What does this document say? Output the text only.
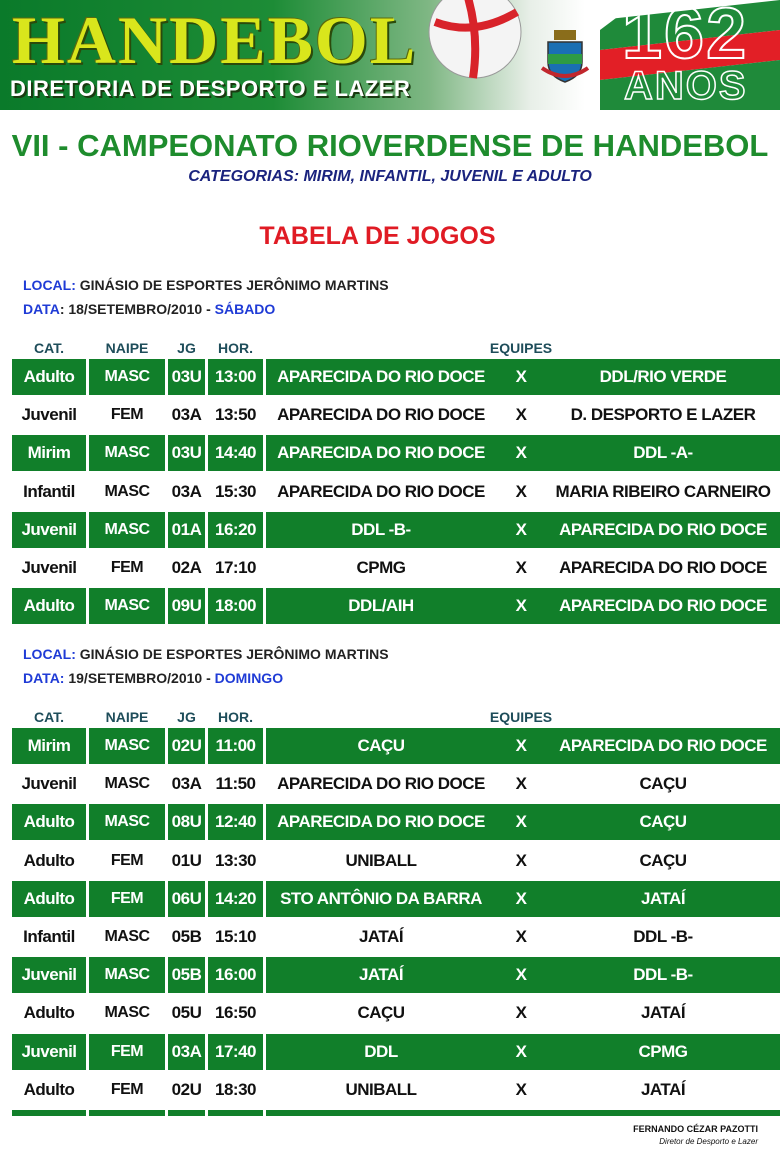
HANDEBOL
DIRETORIA DE DESPORTO E LAZER
162
ANOS
VII - CAMPEONATO RIOVERDENSE DE HANDEBOL
CATEGORIAS: MIRIM, INFANTIL, JUVENIL E ADULTO
TABELA DE JOGOS
LOCAL: GINÁSIO DE ESPORTES JERÔNIMO MARTINS
DATA: 18/SETEMBRO/2010 - SÁBADO
CAT.	NAIPE	JG	HOR.	EQUIPES
Adulto	MASC	03U 13:00	APARECIDA DO RIO DOCE	X	DDL/RIO VERDE
Juvenil	FEM	03A 13:50	APARECIDA DO RIO DOCE	X	D. DESPORTO E LAZER
Mirim	MASC	03U 14:40	APARECIDA DO RIO DOCE	X	DDL -A-
Infantil	MASC	03A 15:30	APARECIDA DO RIO DOCE	X	MARIA RIBEIRO CARNEIRO
Juvenil	MASC	01A 16:20	DDL -B-	X	APARECIDA DO RIO DOCE
Juvenil	FEM	02A 17:10	CPMG	X	APARECIDA DO RIO DOCE
Adulto	MASC	09U 18:00	DDL/AIH	X	APARECIDA DO RIO DOCE
LOCAL: GINÁSIO DE ESPORTES JERÔNIMO MARTINS
DATA: 19/SETEMBRO/2010 - DOMINGO
CAT.	NAIPE	JG	HOR.	EQUIPES
Mirim	MASC	02U 11:00	CAÇU	X	APARECIDA DO RIO DOCE
Juvenil	MASC	03A 11:50	APARECIDA DO RIO DOCE	X	CAÇU
Adulto	MASC	08U 12:40	APARECIDA DO RIO DOCE	X	CAÇU
Adulto	FEM	01U 13:30	UNIBALL	X	CAÇU
Adulto	FEM	06U 14:20	STO ANTÔNIO DA BARRA	X	JATAÍ
Infantil	MASC	05B 15:10	JATAÍ	X	DDL -B-
Juvenil	MASC	05B 16:00	JATAÍ	X	DDL -B-
Adulto	MASC	05U 16:50	CAÇU	X	JATAÍ
Juvenil	FEM	03A 17:40	DDL	X	CPMG
Adulto	FEM	02U 18:30	UNIBALL	X	JATAÍ
FERNANDO CÉZAR PAZOTTI
Diretor de Desporto e Lazer
